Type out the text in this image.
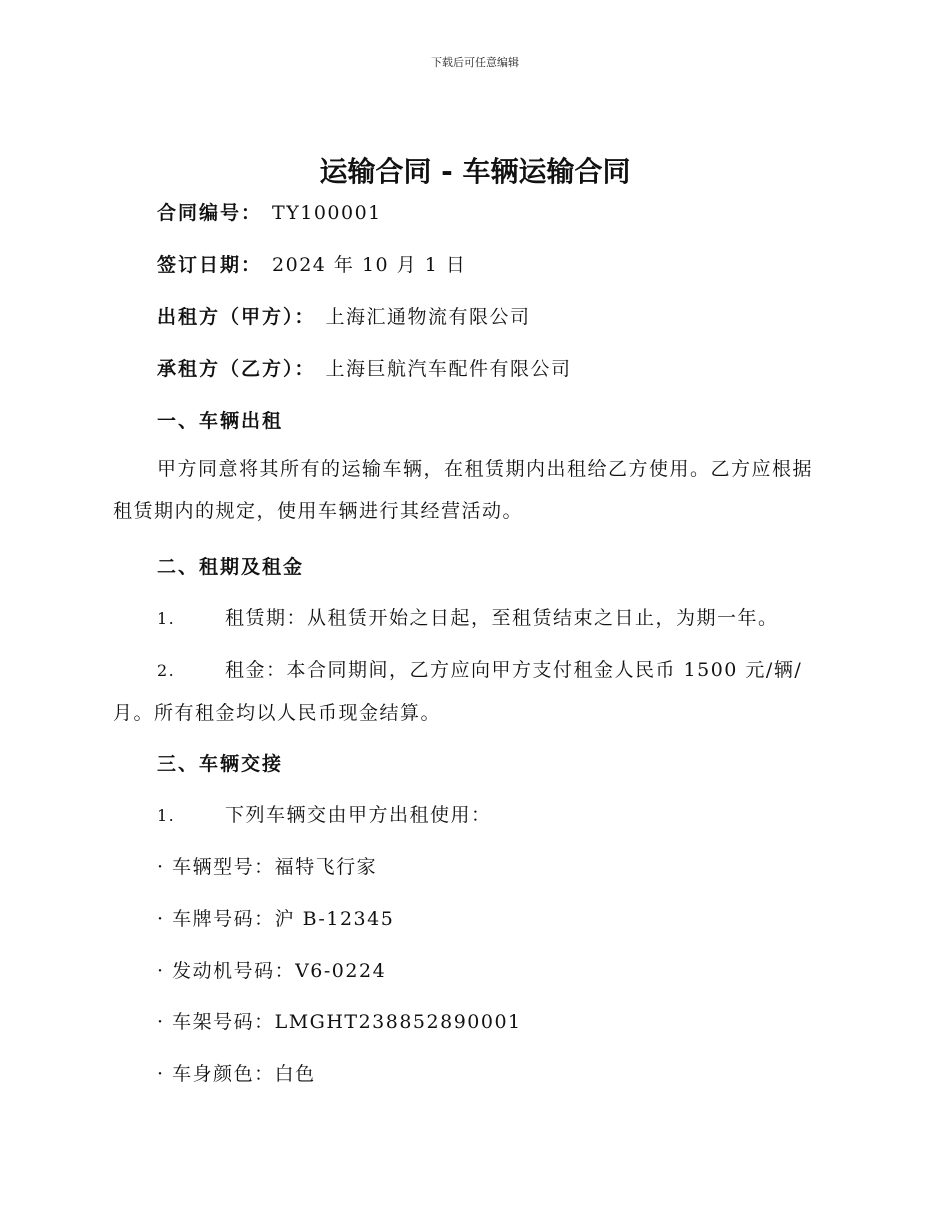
下载后可任意编辑
运输合同 - 车辆运输合同
合同编号： TY100001
签订日期： 2024 年 10 月 1 日
出租方（甲方）： 上海汇通物流有限公司
承租方（乙方）： 上海巨航汽车配件有限公司
一、车辆出租
甲方同意将其所有的运输车辆，在租赁期内出租给乙方使用。乙方应根据租赁期内的规定，使用车辆进行其经营活动。
二、租期及租金
1.	租赁期：从租赁开始之日起，至租赁结束之日止，为期一年。
2.	租金：本合同期间，乙方应向甲方支付租金人民币 1500 元/辆/
月。所有租金均以人民币现金结算。
三、车辆交接
1.	下列车辆交由甲方出租使用：
· 车辆型号：福特飞行家
· 车牌号码：沪 B-12345
· 发动机号码：V6-0224
· 车架号码：LMGHT238852890001
· 车身颜色：白色
